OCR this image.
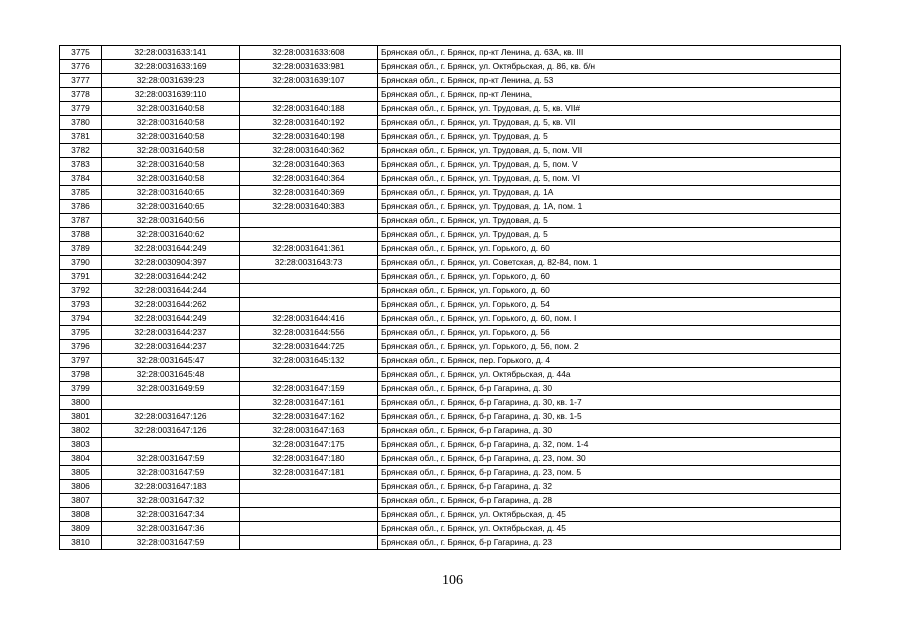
3775	32:28:0031633:141	32:28:0031633:608	Брянская обл., г. Брянск, пр-кт Ленина, д. 63А, кв. III
3776	32:28:0031633:169	32:28:0031633:981	Брянская обл., г. Брянск, ул. Октябрьская, д. 86, кв. б/н
3777	32:28:0031639:23	32:28:0031639:107	Брянская обл., г. Брянск, пр-кт Ленина, д. 53
3778	32:28:0031639:110		Брянская обл., г. Брянск, пр-кт Ленина,
3779	32:28:0031640:58	32:28:0031640:188	Брянская обл., г. Брянск, ул. Трудовая, д. 5, кв. VII#
3780	32:28:0031640:58	32:28:0031640:192	Брянская обл., г. Брянск, ул. Трудовая, д. 5, кв. VII
3781	32:28:0031640:58	32:28:0031640:198	Брянская обл., г. Брянск, ул. Трудовая, д. 5
3782	32:28:0031640:58	32:28:0031640:362	Брянская обл., г. Брянск, ул. Трудовая, д. 5, пом. VII
3783	32:28:0031640:58	32:28:0031640:363	Брянская обл., г. Брянск, ул. Трудовая, д. 5, пом. V
3784	32:28:0031640:58	32:28:0031640:364	Брянская обл., г. Брянск, ул. Трудовая, д. 5, пом. VI
3785	32:28:0031640:65	32:28:0031640:369	Брянская обл., г. Брянск, ул. Трудовая, д. 1А
3786	32:28:0031640:65	32:28:0031640:383	Брянская обл., г. Брянск, ул. Трудовая, д. 1А, пом. 1
3787	32:28:0031640:56		Брянская обл., г. Брянск, ул. Трудовая, д. 5
3788	32:28:0031640:62		Брянская обл., г. Брянск, ул. Трудовая, д. 5
3789	32:28:0031644:249	32:28:0031641:361	Брянская обл., г. Брянск, ул. Горького, д. 60
3790	32:28:0030904:397	32:28:0031643:73	Брянская обл., г. Брянск, ул. Советская, д. 82-84, пом. 1
3791	32:28:0031644:242		Брянская обл., г. Брянск, ул. Горького, д. 60
3792	32:28:0031644:244		Брянская обл., г. Брянск, ул. Горького, д. 60
3793	32:28:0031644:262		Брянская обл., г. Брянск, ул. Горького, д. 54
3794	32:28:0031644:249	32:28:0031644:416	Брянская обл., г. Брянск, ул. Горького, д. 60, пом. I
3795	32:28:0031644:237	32:28:0031644:556	Брянская обл., г. Брянск, ул. Горького, д. 56
3796	32:28:0031644:237	32:28:0031644:725	Брянская обл., г. Брянск, ул. Горького, д. 56, пом. 2
3797	32:28:0031645:47	32:28:0031645:132	Брянская обл., г. Брянск, пер. Горького, д. 4
3798	32:28:0031645:48		Брянская обл., г. Брянск, ул. Октябрьская, д. 44а
3799	32:28:0031649:59	32:28:0031647:159	Брянская обл., г. Брянск, б-р Гагарина, д. 30
3800		32:28:0031647:161	Брянская обл., г. Брянск, б-р Гагарина, д. 30, кв. 1-7
3801	32:28:0031647:126	32:28:0031647:162	Брянская обл., г. Брянск, б-р Гагарина, д. 30, кв. 1-5
3802	32:28:0031647:126	32:28:0031647:163	Брянская обл., г. Брянск, б-р Гагарина, д. 30
3803		32:28:0031647:175	Брянская обл., г. Брянск, б-р Гагарина, д. 32, пом. 1-4
3804	32:28:0031647:59	32:28:0031647:180	Брянская обл., г. Брянск, б-р Гагарина, д. 23, пом. 30
3805	32:28:0031647:59	32:28:0031647:181	Брянская обл., г. Брянск, б-р Гагарина, д. 23, пом. 5
3806	32:28:0031647:183		Брянская обл., г. Брянск, б-р Гагарина, д. 32
3807	32:28:0031647:32		Брянская обл., г. Брянск, б-р Гагарина, д. 28
3808	32:28:0031647:34		Брянская обл., г. Брянск, ул. Октябрьская, д. 45
3809	32:28:0031647:36		Брянская обл., г. Брянск, ул. Октябрьская, д. 45
3810	32:28:0031647:59		Брянская обл., г. Брянск, б-р Гагарина, д. 23
106
